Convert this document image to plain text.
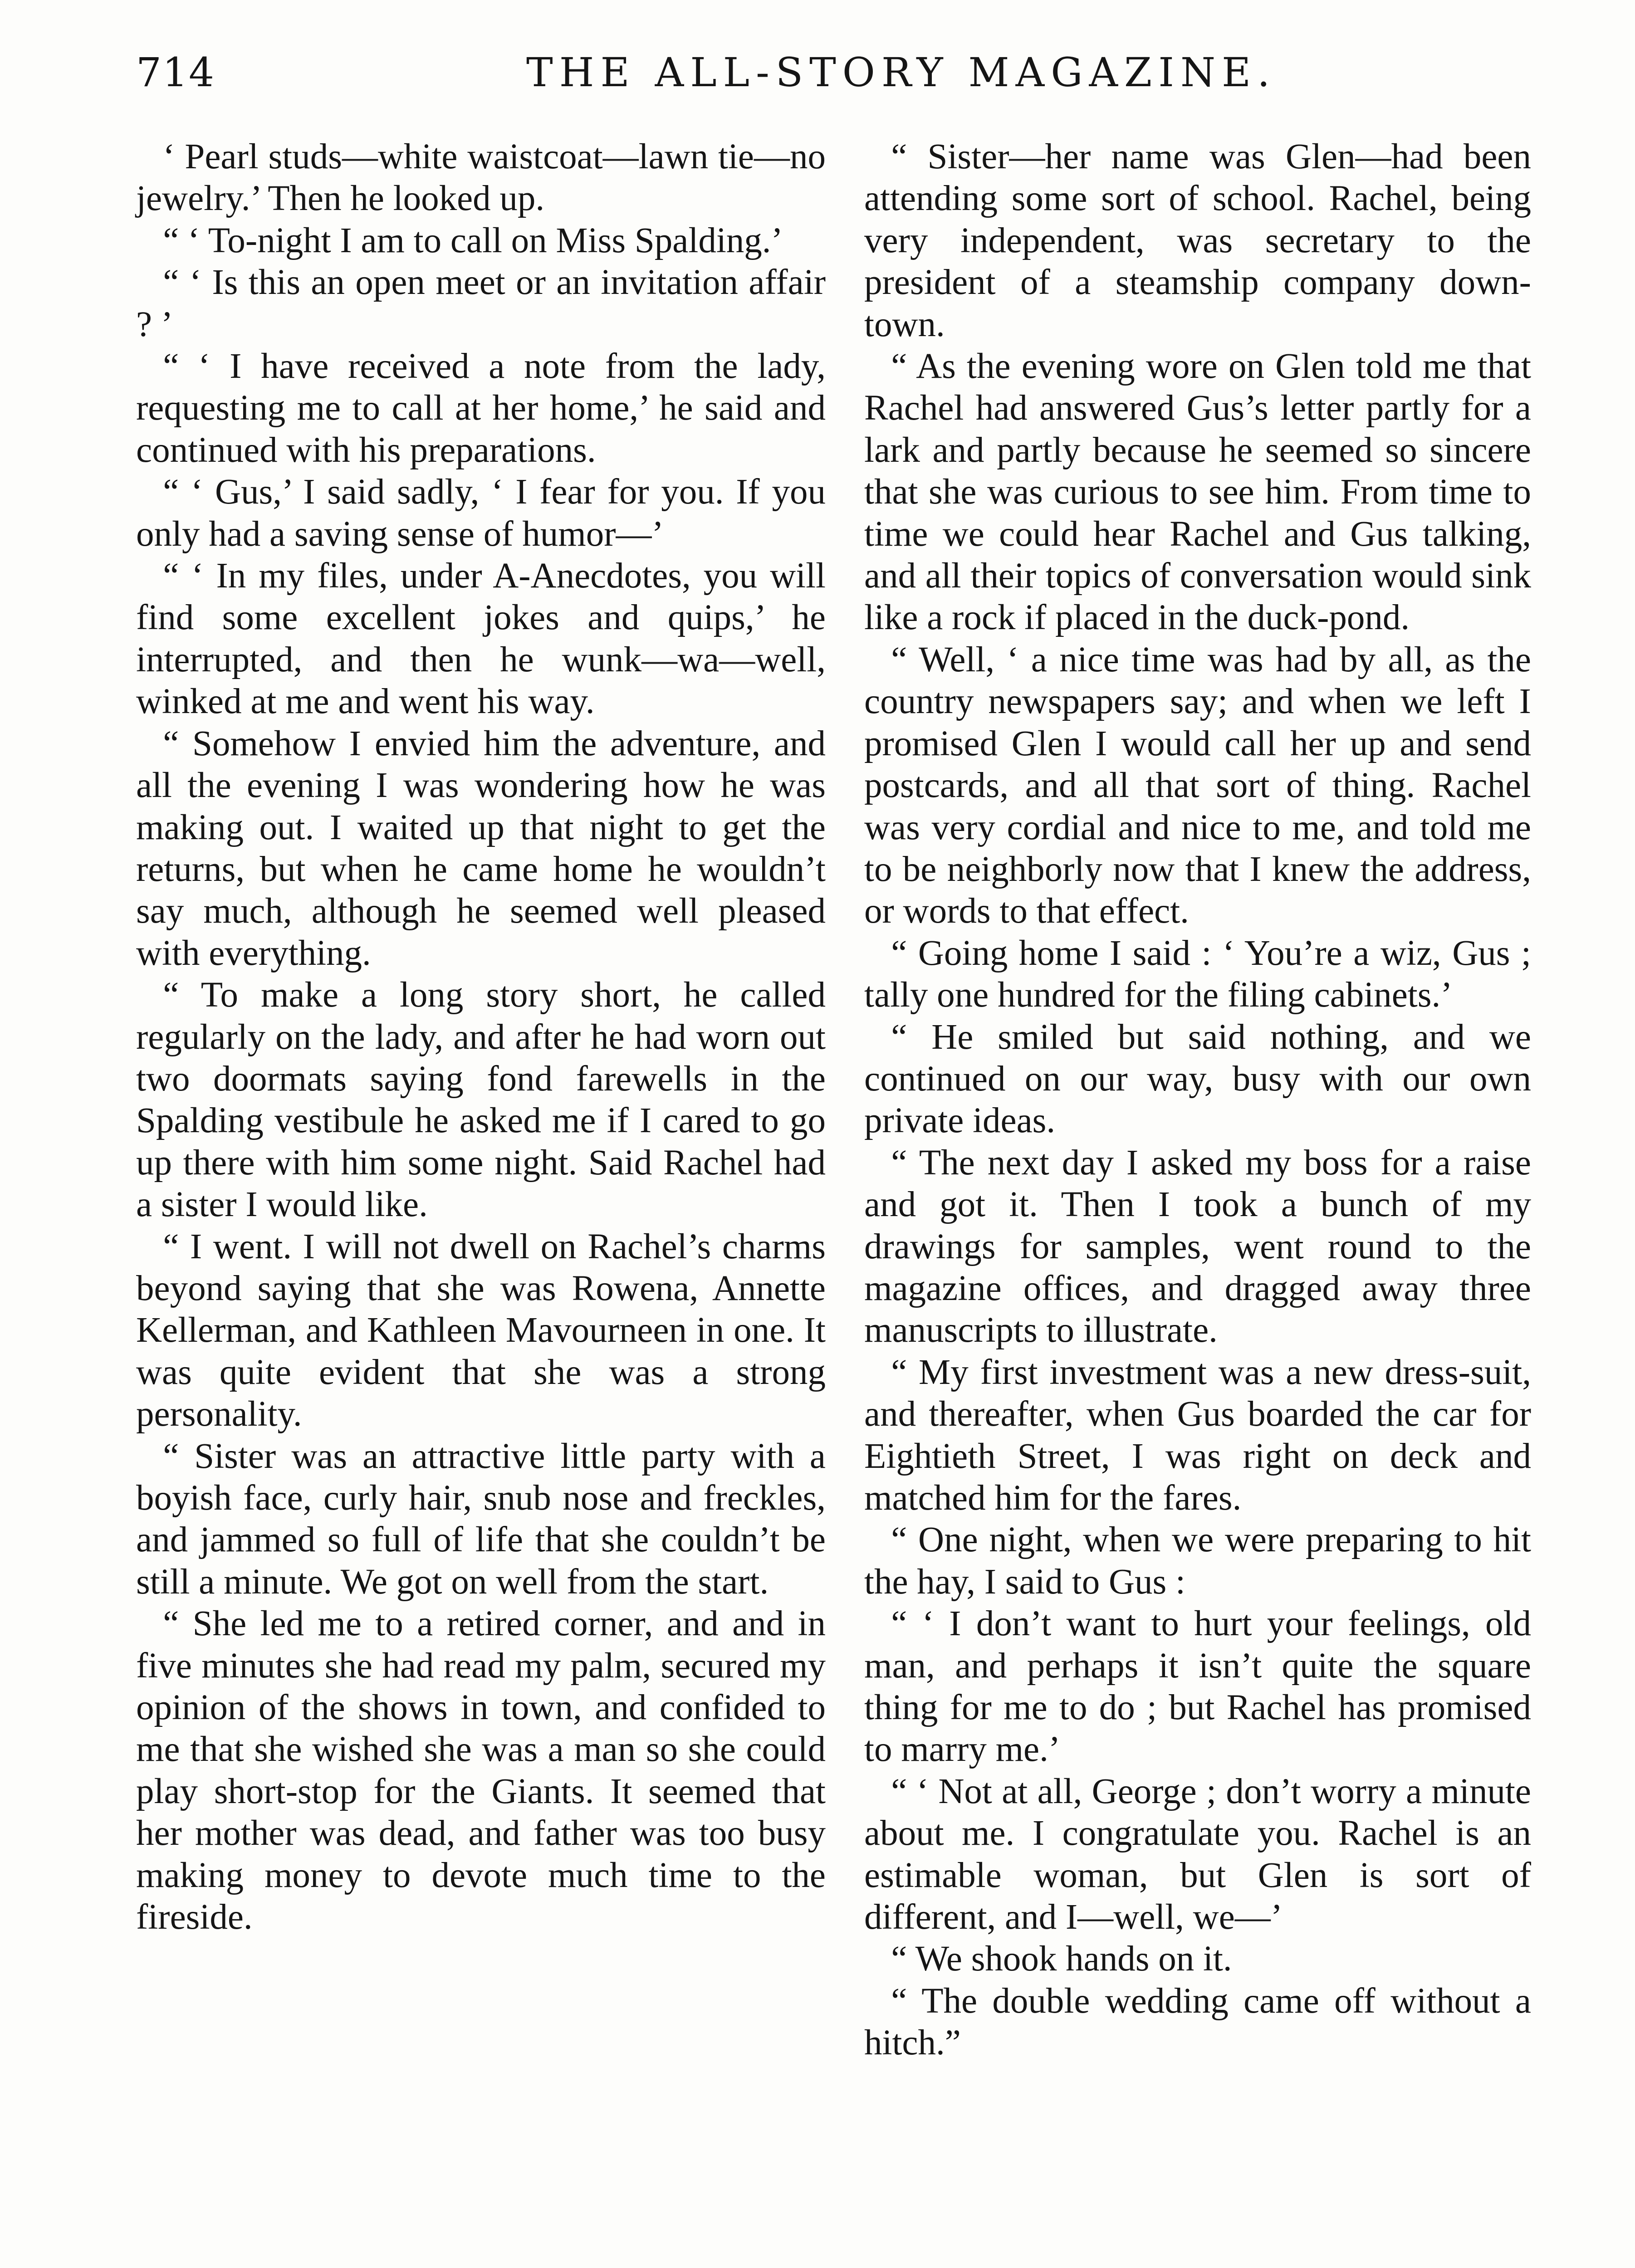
714	THE ALL-STORY MAGAZINE.

‘ Pearl studs—white waistcoat—lawn tie—no jewelry.’ Then he looked up.

“ ‘ To-night I am to call on Miss Spalding.’

“ ‘ Is this an open meet or an invitation affair ? ’

“ ‘ I have received a note from the lady, requesting me to call at her home,’ he said and continued with his preparations.

“ ‘ Gus,’ I said sadly, ‘ I fear for you. If you only had a saving sense of humor—’

“ ‘ In my files, under A-Anecdotes, you will find some excellent jokes and quips,’ he interrupted, and then he wunk—wa—well, winked at me and went his way.

“ Somehow I envied him the adventure, and all the evening I was wondering how he was making out. I waited up that night to get the returns, but when he came home he wouldn’t say much, although he seemed well pleased with everything.

“ To make a long story short, he called regularly on the lady, and after he had worn out two doormats saying fond farewells in the Spalding vestibule he asked me if I cared to go up there with him some night. Said Rachel had a sister I would like.

“ I went. I will not dwell on Rachel’s charms beyond saying that she was Rowena, Annette Kellerman, and Kathleen Mavourneen in one. It was quite evident that she was a strong personality.

“ Sister was an attractive little party with a boyish face, curly hair, snub nose and freckles, and jammed so full of life that she couldn’t be still a minute. We got on well from the start.

“ She led me to a retired corner, and and in five minutes she had read my palm, secured my opinion of the shows in town, and confided to me that she wished she was a man so she could play short-stop for the Giants. It seemed that her mother was dead, and father was too busy making money to devote much time to the fireside.

“ Sister—her name was Glen—had been attending some sort of school. Rachel, being very independent, was secretary to the president of a steamship company down-town.

“ As the evening wore on Glen told me that Rachel had answered Gus’s letter partly for a lark and partly because he seemed so sincere that she was curious to see him. From time to time we could hear Rachel and Gus talking, and all their topics of conversation would sink like a rock if placed in the duck-pond.

“ Well, ‘ a nice time was had by all, as the country newspapers say; and when we left I promised Glen I would call her up and send postcards, and all that sort of thing. Rachel was very cordial and nice to me, and told me to be neighborly now that I knew the address, or words to that effect.

“ Going home I said : ‘ You’re a wiz, Gus ; tally one hundred for the filing cabinets.’

“ He smiled but said nothing, and we continued on our way, busy with our own private ideas.

“ The next day I asked my boss for a raise and got it. Then I took a bunch of my drawings for samples, went round to the magazine offices, and dragged away three manuscripts to illustrate.

“ My first investment was a new dress-suit, and thereafter, when Gus boarded the car for Eightieth Street, I was right on deck and matched him for the fares.

“ One night, when we were preparing to hit the hay, I said to Gus :

“ ‘ I don’t want to hurt your feelings, old man, and perhaps it isn’t quite the square thing for me to do ; but Rachel has promised to marry me.’

“ ‘ Not at all, George ; don’t worry a minute about me. I congratulate you. Rachel is an estimable woman, but Glen is sort of different, and I—well, we—’

“ We shook hands on it.

“ The double wedding came off without a hitch.”
